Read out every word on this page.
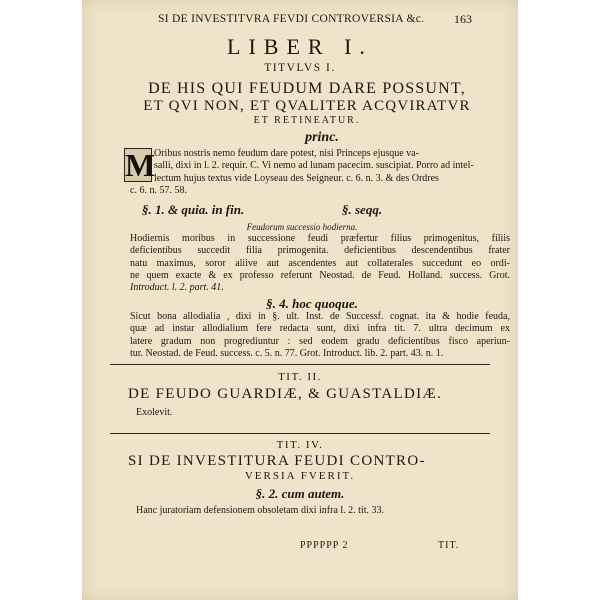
SI DE INVESTITVRA FEVDI CONTROVERSIA &c.	163
LIBER I.
TITVLVS I.
DE HIS QUI FEUDUM DARE POSSUNT,
ET QVI NON, ET QVALITER ACQVIRATVR
ET RETINEATUR.
princ.
M
Oribus nostris nemo feudum dare potest, nisi Princeps ejusque va-
salli, dixi in l. 2. requir. C. Vi nemo ad lunam pacecim. suscipiat. Porro ad intel-
lectum hujus textus vide Loyseau des Seigneur. c. 6. n. 3. & des Ordres
c. 6. n. 57. 58.
§. 1. & quia. in fin.	§. seqq.
Feudorum successio hodierna.
Hodiernis moribus in successione feudi præfertur filius primogenitus, filiis
deficientibus succedit filia primogenita. deficientibus descendentibus frater
natu maximus, soror aliive aut ascendentes aut collaterales succedunt eo ordi-
ne quem exacte & ex professo referunt Neostad. de Feud. Holland. success. Grot.
Introduct. l. 2. part. 41.
§. 4. hoc quoque.
Sicut bona allodialia , dixi in §. ult. Inst. de Successf. cognat. ita & hodie feuda,
quæ ad instar allodialium fere redacta sunt, dixi infra tit. 7. ultra decimum ex
latere gradum non progrediuntur : sed eodem gradu deficientibus fisco aperiun-
tur. Neostad. de Feud. success. c. 5. n. 77. Grot. Introduct. lib. 2. part. 43. n. 1.
TIT. II.
DE FEUDO GUARDIÆ, & GUASTALDIÆ.
Exolevit.
TIT. IV.
SI DE INVESTITURA FEUDI CONTRO-
VERSIA FVERIT.
§. 2. cum autem.
Hanc juratoriam defensionem obsoletam dixi infra l. 2. tit. 33.
PPPPPP 2	TIT.
